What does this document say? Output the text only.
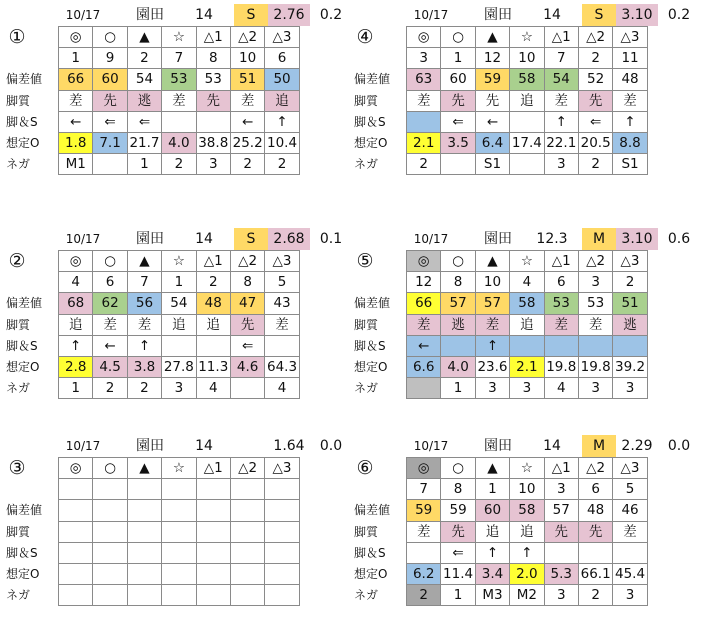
①
10/17	園田	14	S	2.76	0.2
	◎	○	▲	☆	△1	△2	△3
	1	9	2	7	8	10	6
偏差値	66	60	54	53	53	51	50
脚質	差	先	逃	差	先	差	追
脚＆S	←	⇐	⇐			←	↑
想定O	1.8	7.1	21.7	4.0	38.8	25.2	10.4
ネガ	M1		1	2	3	2	2
④
10/17	園田	14	S	3.10	0.2
	◎	○	▲	☆	△1	△2	△3
	3	1	12	10	7	2	11
偏差値	63	60	59	58	54	52	48
脚質	差	先	先	追	差	先	差
脚＆S		⇐	←		↑	⇐	↑
想定O	2.1	3.5	6.4	17.4	22.1	20.5	8.8
ネガ	2		S1		3	2	S1
②
10/17	園田	14	S	2.68	0.1
	◎	○	▲	☆	△1	△2	△3
	4	6	7	1	2	8	5
偏差値	68	62	56	54	48	47	43
脚質	追	差	差	追	追	先	差
脚＆S	↑	←	↑			⇐	
想定O	2.8	4.5	3.8	27.8	11.3	4.6	64.3
ネガ	1	2	2	3	4		4
⑤
10/17	園田	12.3	M	3.10	0.6
	◎	○	▲	☆	△1	△2	△3
	12	8	10	4	6	3	2
偏差値	66	57	57	58	53	53	51
脚質	差	逃	差	追	差	差	逃
脚＆S	←		↑				
想定O	6.6	4.0	23.6	2.1	19.8	19.8	39.2
ネガ		1	3	3	4	3	3
③
10/17	園田	14	1.64	0.0
	◎	○	▲	☆	△1	△2	△3

偏差値							
脚質							
脚＆S							
想定O							
ネガ							
⑥
10/17	園田	14	M	2.29	0.0
	◎	○	▲	☆	△1	△2	△3
	7	8	1	10	3	6	5
偏差値	59	59	60	58	57	48	46
脚質	差	先	追	追	先	先	差
脚＆S		⇐	↑	↑			
想定O	6.2	11.4	3.4	2.0	5.3	66.1	45.4
ネガ	2	1	M3	M2	3	2	3
